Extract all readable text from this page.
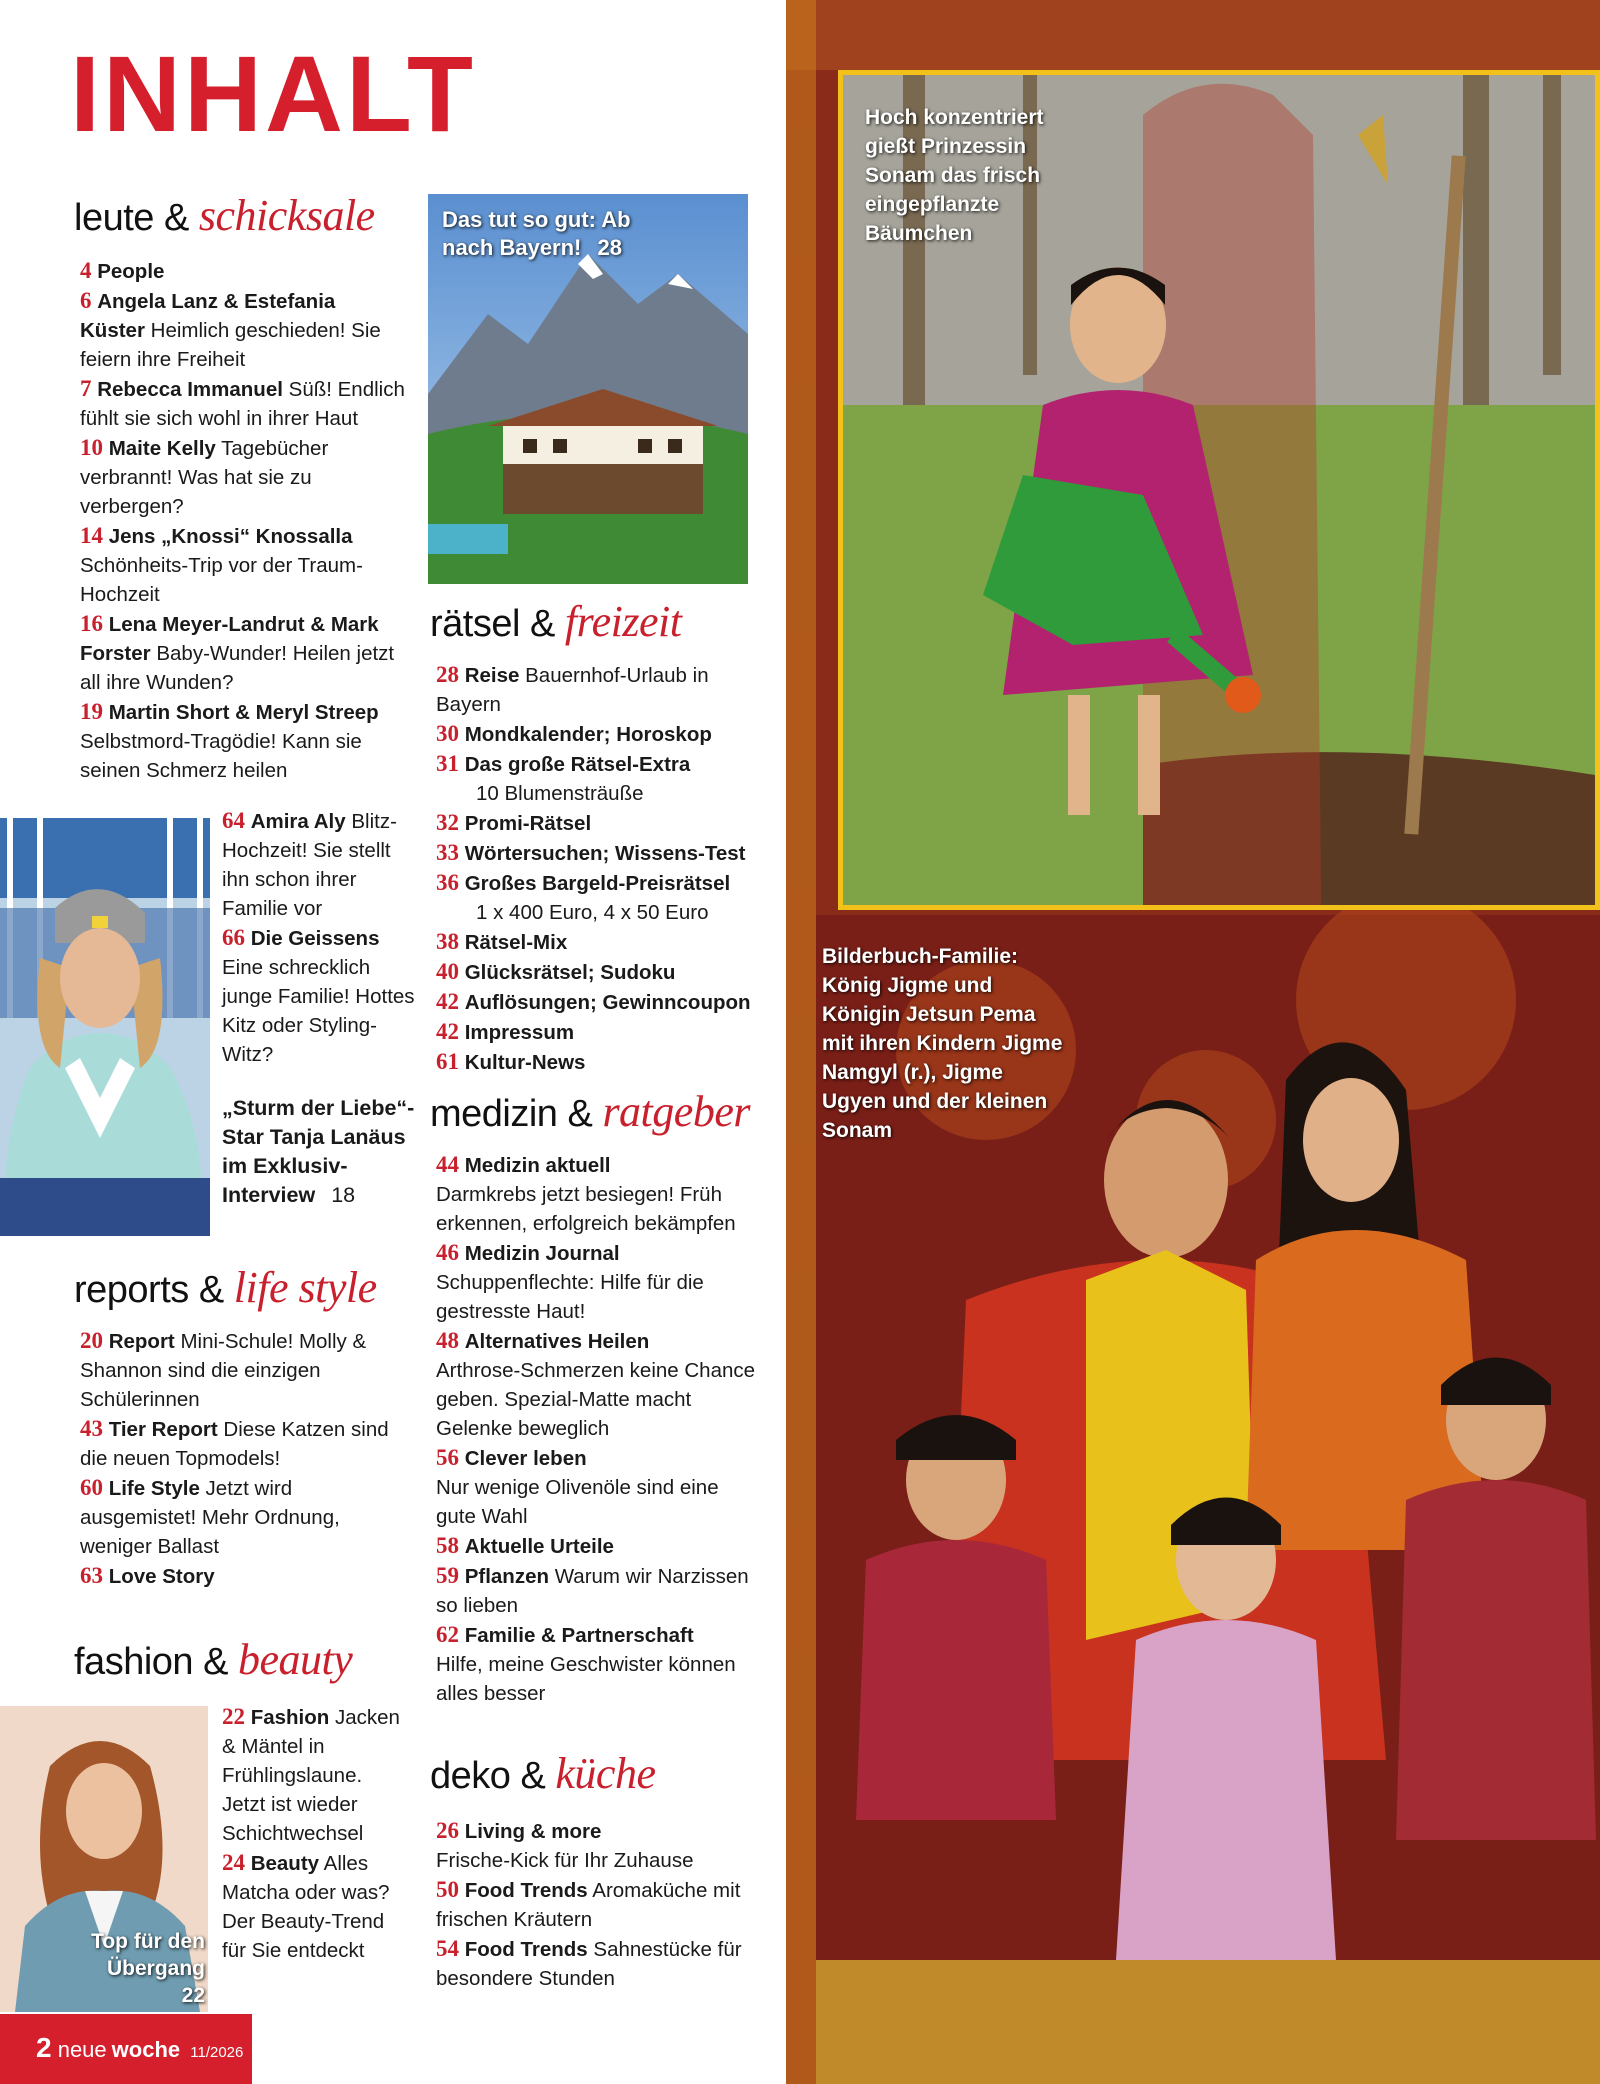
INHALT
leute & schicksale
4 People
6 Angela Lanz & Estefania Küster Heimlich geschieden! Sie feiern ihre Freiheit
7 Rebecca Immanuel Süß! Endlich fühlt sie sich wohl in ihrer Haut
10 Maite Kelly Tagebücher verbrannt! Was hat sie zu verbergen?
14 Jens „Knossi“ Knossalla Schönheits-Trip vor der Traum-Hochzeit
16 Lena Meyer-Landrut & Mark Forster Baby-Wunder! Heilen jetzt all ihre Wunden?
19 Martin Short & Meryl Streep Selbstmord-Tragödie! Kann sie seinen Schmerz heilen
64 Amira Aly Blitz-Hochzeit! Sie stellt ihn schon ihrer Familie vor
66 Die Geissens Eine schrecklich junge Familie! Hottes Kitz oder Styling-Witz?
„Sturm der Liebe“-Star Tanja Lanäus im Exklusiv-Interview 18
reports & life style
20 Report Mini-Schule! Molly & Shannon sind die einzigen Schülerinnen
43 Tier Report Diese Katzen sind die neuen Topmodels!
60 Life Style Jetzt wird ausgemistet! Mehr Ordnung, weniger Ballast
63 Love Story
fashion & beauty
Top für den Übergang
22
22 Fashion Jacken & Mäntel in Frühlingslaune. Jetzt ist wieder Schichtwechsel
24 Beauty Alles Matcha oder was? Der Beauty-Trend für Sie entdeckt
2 neue woche 11/2026
Das tut so gut: Ab nach Bayern! 28
rätsel & freizeit
28 Reise Bauernhof-Urlaub in Bayern
30 Mondkalender; Horoskop
31 Das große Rätsel-Extra
10 Blumensträuße
32 Promi-Rätsel
33 Wörtersuchen; Wissens-Test
36 Großes Bargeld-Preisrätsel
1 x 400 Euro, 4 x 50 Euro
38 Rätsel-Mix
40 Glücksrätsel; Sudoku
42 Auflösungen; Gewinncoupon
42 Impressum
61 Kultur-News
medizin & ratgeber
44 Medizin aktuell
Darmkrebs jetzt besiegen! Früh erkennen, erfolgreich bekämpfen
46 Medizin Journal
Schuppenflechte: Hilfe für die gestresste Haut!
48 Alternatives Heilen
Arthrose-Schmerzen keine Chance geben. Spezial-Matte macht Gelenke beweglich
56 Clever leben
Nur wenige Olivenöle sind eine gute Wahl
58 Aktuelle Urteile
59 Pflanzen Warum wir Narzissen so lieben
62 Familie & Partnerschaft
Hilfe, meine Geschwister können alles besser
deko & küche
26 Living & more
Frische-Kick für Ihr Zuhause
50 Food Trends Aromaküche mit frischen Kräutern
54 Food Trends Sahnestücke für besondere Stunden
Hoch konzentriert gießt Prinzessin Sonam das frisch eingepflanzte Bäumchen
Bilderbuch-Familie: König Jigme und Königin Jetsun Pema mit ihren Kindern Jigme Namgyl (r.), Jigme Ugyen und der kleinen Sonam
